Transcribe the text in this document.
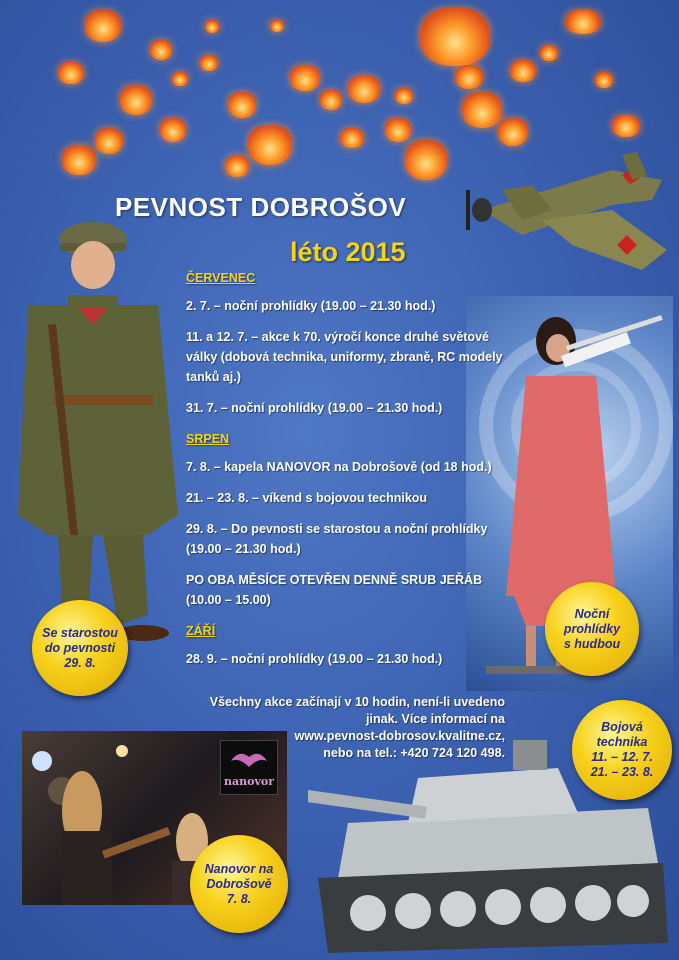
nanovor
PEVNOST DOBROŠOV
léto 2015
ČERVENEC
2. 7. – noční prohlídky (19.00 – 21.30 hod.)
11. a 12. 7. – akce k 70. výročí konce druhé světové války (dobová technika, uniformy, zbraně, RC modely tanků aj.)
31. 7. – noční prohlídky (19.00 – 21.30 hod.)
SRPEN
7. 8. – kapela NANOVOR na Dobrošově (od 18 hod.)
21. – 23. 8. – víkend s bojovou technikou
29. 8. – Do pevnosti se starostou a noční prohlídky (19.00 – 21.30 hod.)
PO OBA MĚSÍCE OTEVŘEN DENNĚ SRUB JEŘÁB (10.00 – 15.00)
ZÁŘÍ
28. 9. – noční prohlídky (19.00 – 21.30 hod.)
Všechny akce začínají v 10 hodin, není-li uvedeno
jinak. Více informací na
www.pevnost-dobrosov.kvalitne.cz,
nebo na tel.: +420 724 120 498.
Se starostou
do pevnosti
29. 8.
Noční
prohlídky
s hudbou
Bojová
technika
11. – 12. 7.
21. – 23. 8.
Nanovor na
Dobrošově
7. 8.
